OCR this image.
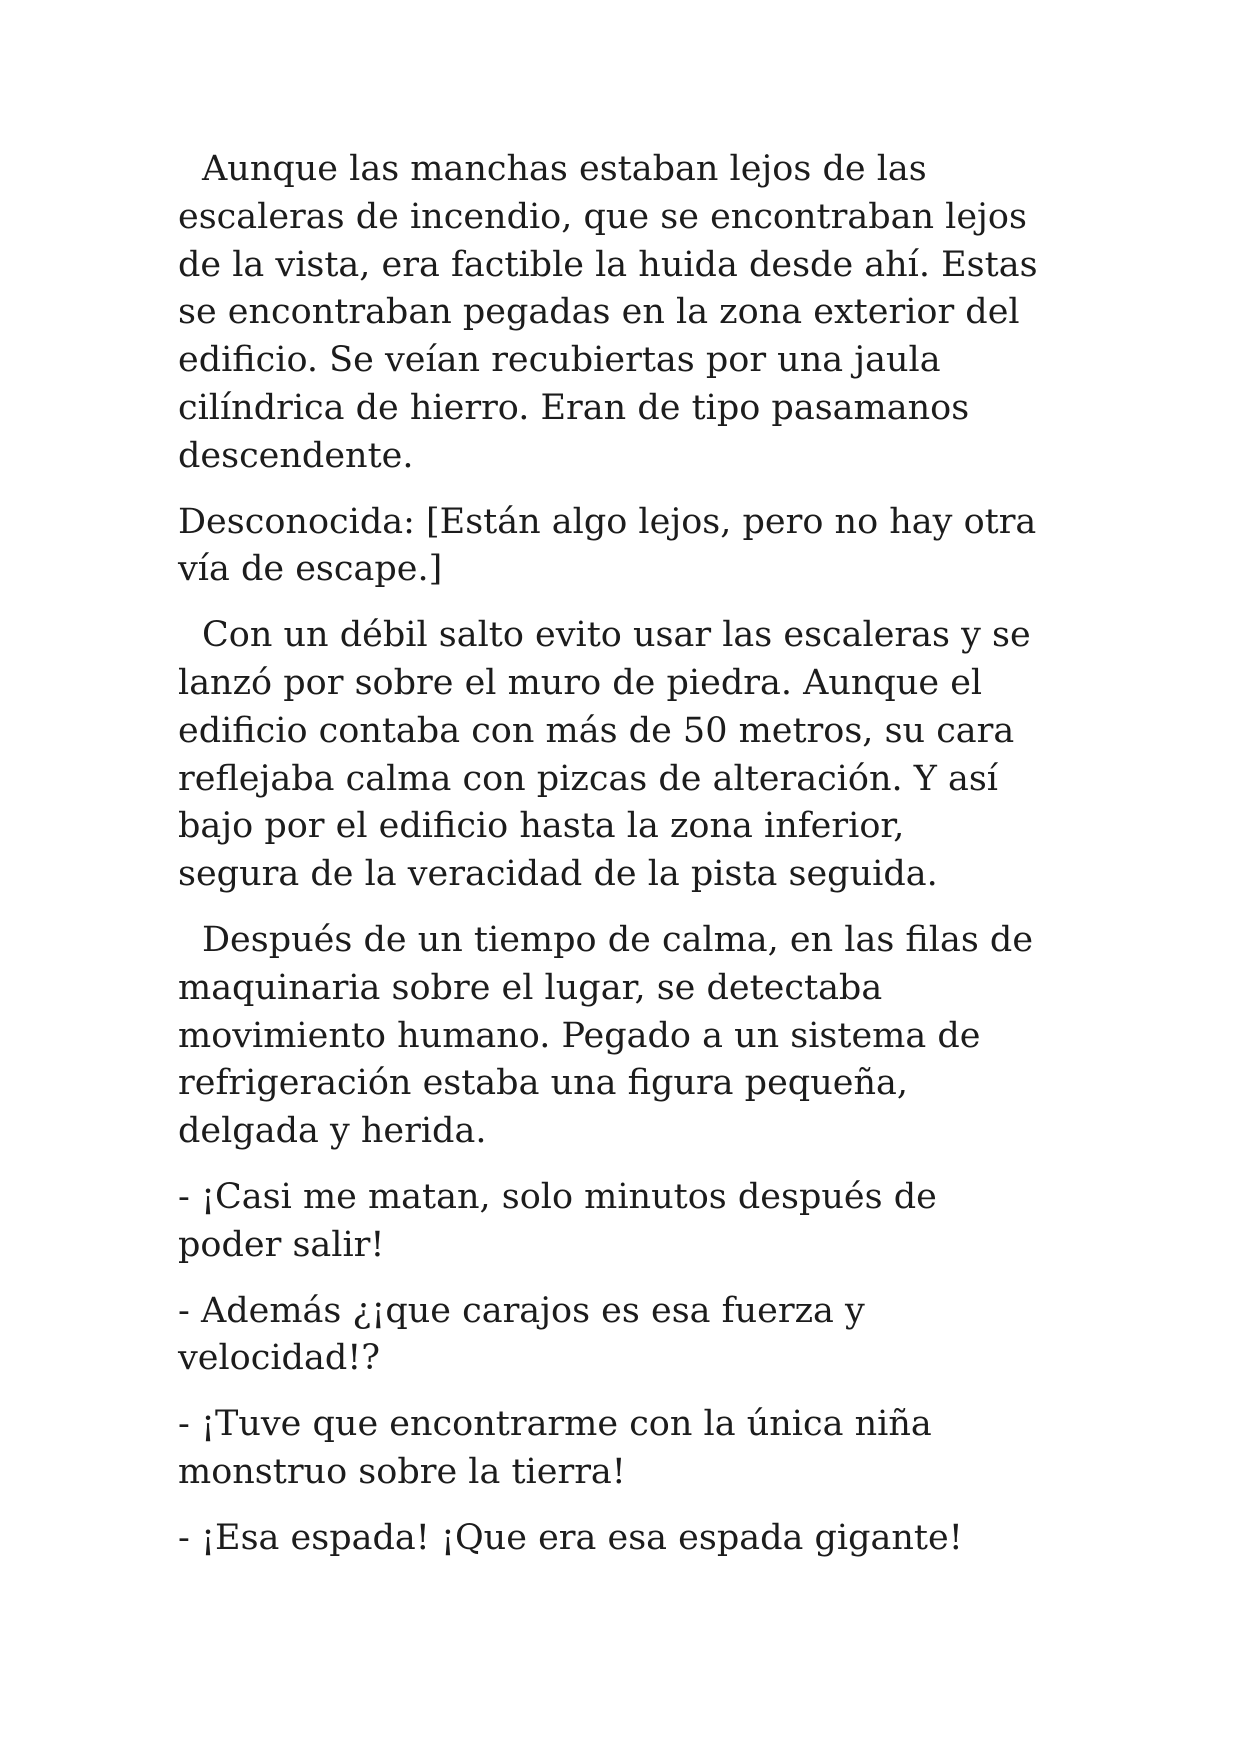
Aunque las manchas estaban lejos de las
escaleras de incendio, que se encontraban lejos
de la vista, era factible la huida desde ahí. Estas
se encontraban pegadas en la zona exterior del
edificio. Se veían recubiertas por una jaula
cilíndrica de hierro. Eran de tipo pasamanos
descendente.

Desconocida: [Están algo lejos, pero no hay otra
vía de escape.]

Con un débil salto evito usar las escaleras y se
lanzó por sobre el muro de piedra. Aunque el
edificio contaba con más de 50 metros, su cara
reflejaba calma con pizcas de alteración. Y así
bajo por el edificio hasta la zona inferior,
segura de la veracidad de la pista seguida.

Después de un tiempo de calma, en las filas de
maquinaria sobre el lugar, se detectaba
movimiento humano. Pegado a un sistema de
refrigeración estaba una figura pequeña,
delgada y herida.

- ¡Casi me matan, solo minutos después de
poder salir!

- Además ¿¡que carajos es esa fuerza y
velocidad!?

- ¡Tuve que encontrarme con la única niña
monstruo sobre la tierra!

- ¡Esa espada! ¡Que era esa espada gigante!
